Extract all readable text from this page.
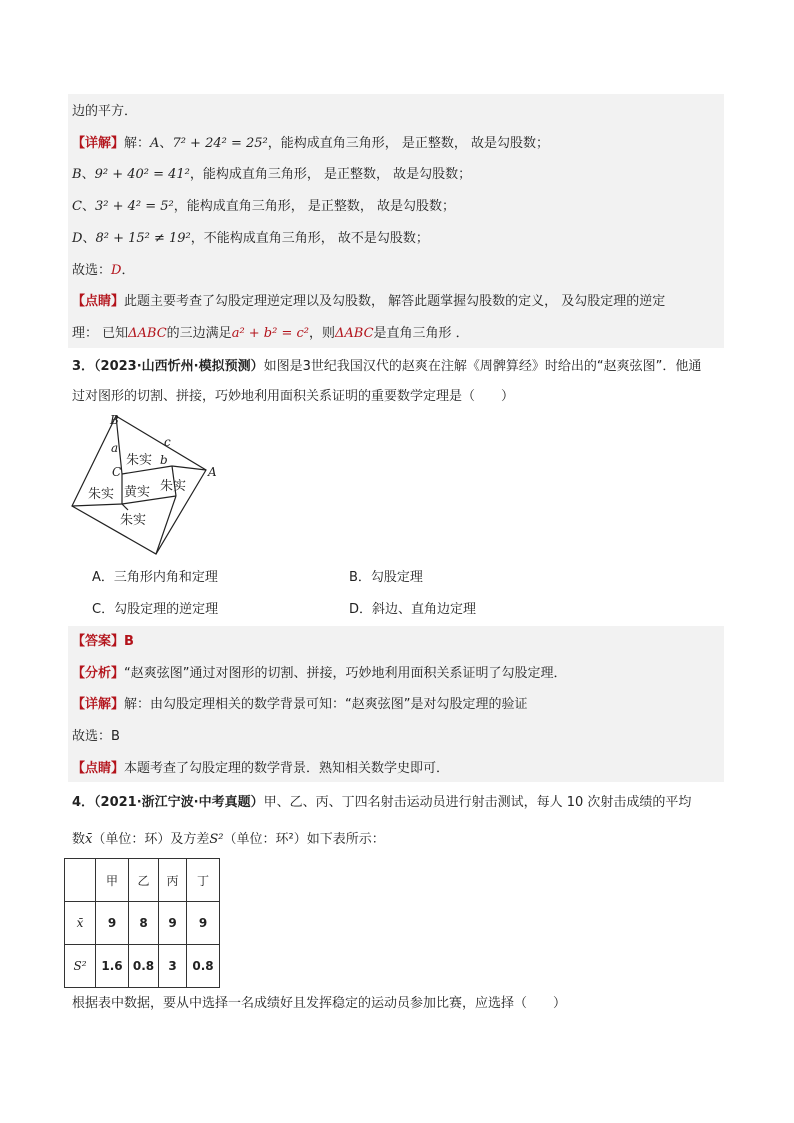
边的平方．
【详解】解：A、7² + 24² = 25²，能构成直角三角形， 是正整数， 故是勾股数；
B、9² + 40² = 41²，能构成直角三角形， 是正整数， 故是勾股数；
C、3² + 4² = 5²，能构成直角三角形， 是正整数， 故是勾股数；
D、8² + 15² ≠ 19²，不能构成直角三角形， 故不是勾股数；
故选：D．
【点睛】此题主要考查了勾股定理逆定理以及勾股数， 解答此题掌握勾股数的定义， 及勾股定理的逆定
理： 已知ΔABC的三边满足a² + b² = c²，则ΔABC是直角三角形 ．
3．（2023·山西忻州·模拟预测）如图是3世纪我国汉代的赵爽在注解《周髀算经》时给出的“赵爽弦图”．他通
过对图形的切割、拼接，巧妙地利用面积关系证明的重要数学定理是（　　）
B
A
C
a
b
c
朱实
朱实
朱实 黄实
朱实
A．三角形内角和定理	B．勾股定理
C．勾股定理的逆定理	D．斜边、直角边定理
【答案】B
【分析】“赵爽弦图”通过对图形的切割、拼接，巧妙地利用面积关系证明了勾股定理．
【详解】解：由勾股定理相关的数学背景可知：“赵爽弦图”是对勾股定理的验证
故选：B
【点睛】本题考查了勾股定理的数学背景．熟知相关数学史即可．
4．（2021·浙江宁波·中考真题）甲、乙、丙、丁四名射击运动员进行射击测试，每人 10 次射击成绩的平均
数x̄（单位：环）及方差S²（单位：环²）如下表所示：
	甲	乙	丙	丁
x̄	9	8	9	9
S²	1.6	0.8	3	0.8
根据表中数据，要从中选择一名成绩好且发挥稳定的运动员参加比赛，应选择（　　）
